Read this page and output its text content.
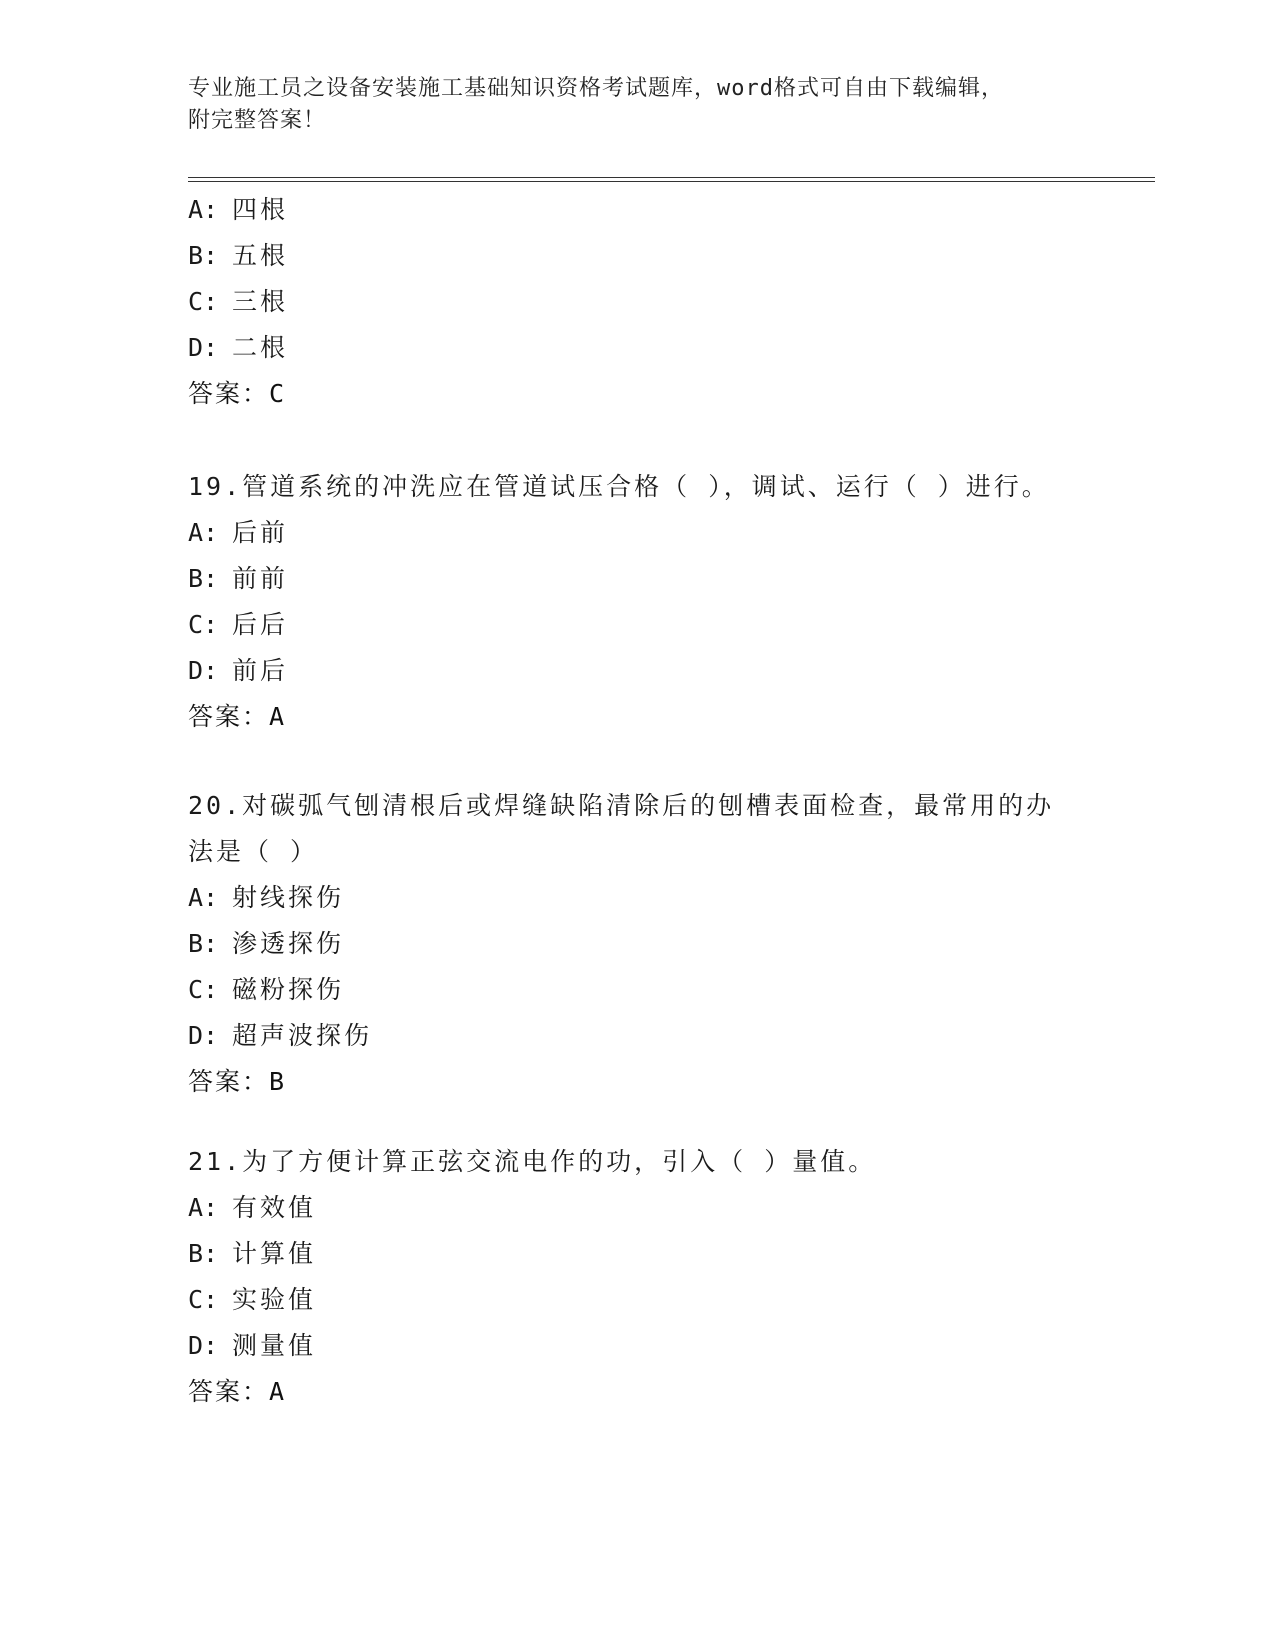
专业施工员之设备安装施工基础知识资格考试题库，word格式可自由下载编辑，
附完整答案！
A: 四根
B: 五根
C: 三根
D: 二根
答案：C
19.管道系统的冲洗应在管道试压合格（ ），调试、运行（ ）进行。
A: 后前
B: 前前
C: 后后
D: 前后
答案：A
20.对碳弧气刨清根后或焊缝缺陷清除后的刨槽表面检查，最常用的办
法是（ ）
A: 射线探伤
B: 渗透探伤
C: 磁粉探伤
D: 超声波探伤
答案：B
21.为了方便计算正弦交流电作的功，引入（ ）量值。
A: 有效值
B: 计算值
C: 实验值
D: 测量值
答案：A
